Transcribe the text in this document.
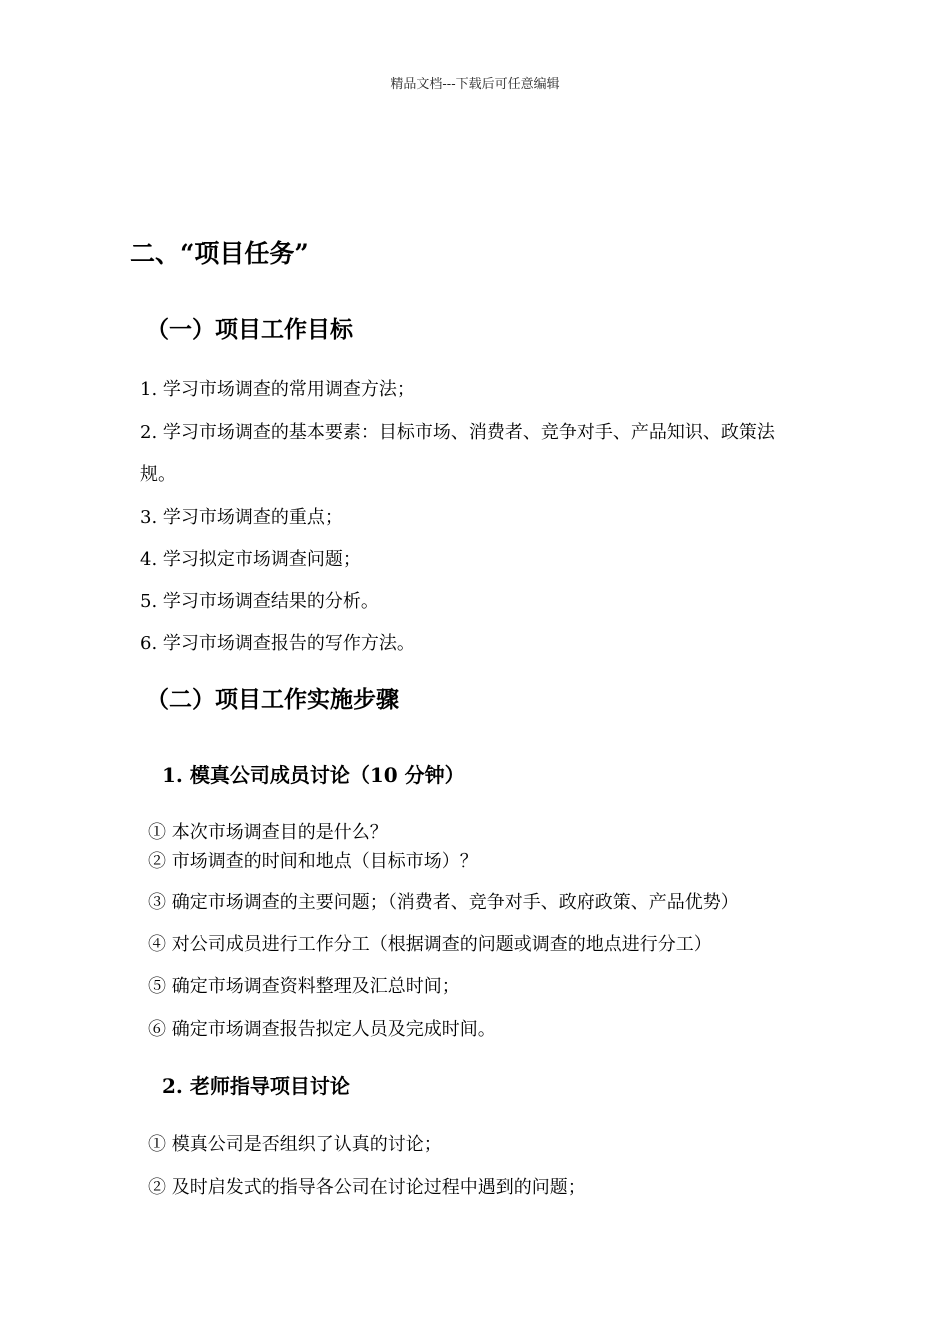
精品文档---下载后可任意编辑
二、“项目任务”
（一）项目工作目标
1. 学习市场调查的常用调查方法；
2. 学习市场调查的基本要素：目标市场、消费者、竞争对手、产品知识、政策法
规。
3. 学习市场调查的重点；
4. 学习拟定市场调查问题；
5. 学习市场调查结果的分析。
6. 学习市场调查报告的写作方法。
（二）项目工作实施步骤
1. 模真公司成员讨论（10 分钟）
① 本次市场调查目的是什么？
② 市场调查的时间和地点（目标市场）？
③ 确定市场调查的主要问题；（消费者、竞争对手、政府政策、产品优势）
④ 对公司成员进行工作分工（根据调查的问题或调查的地点进行分工）
⑤ 确定市场调查资料整理及汇总时间；
⑥ 确定市场调查报告拟定人员及完成时间。
2. 老师指导项目讨论
① 模真公司是否组织了认真的讨论；
② 及时启发式的指导各公司在讨论过程中遇到的问题；
